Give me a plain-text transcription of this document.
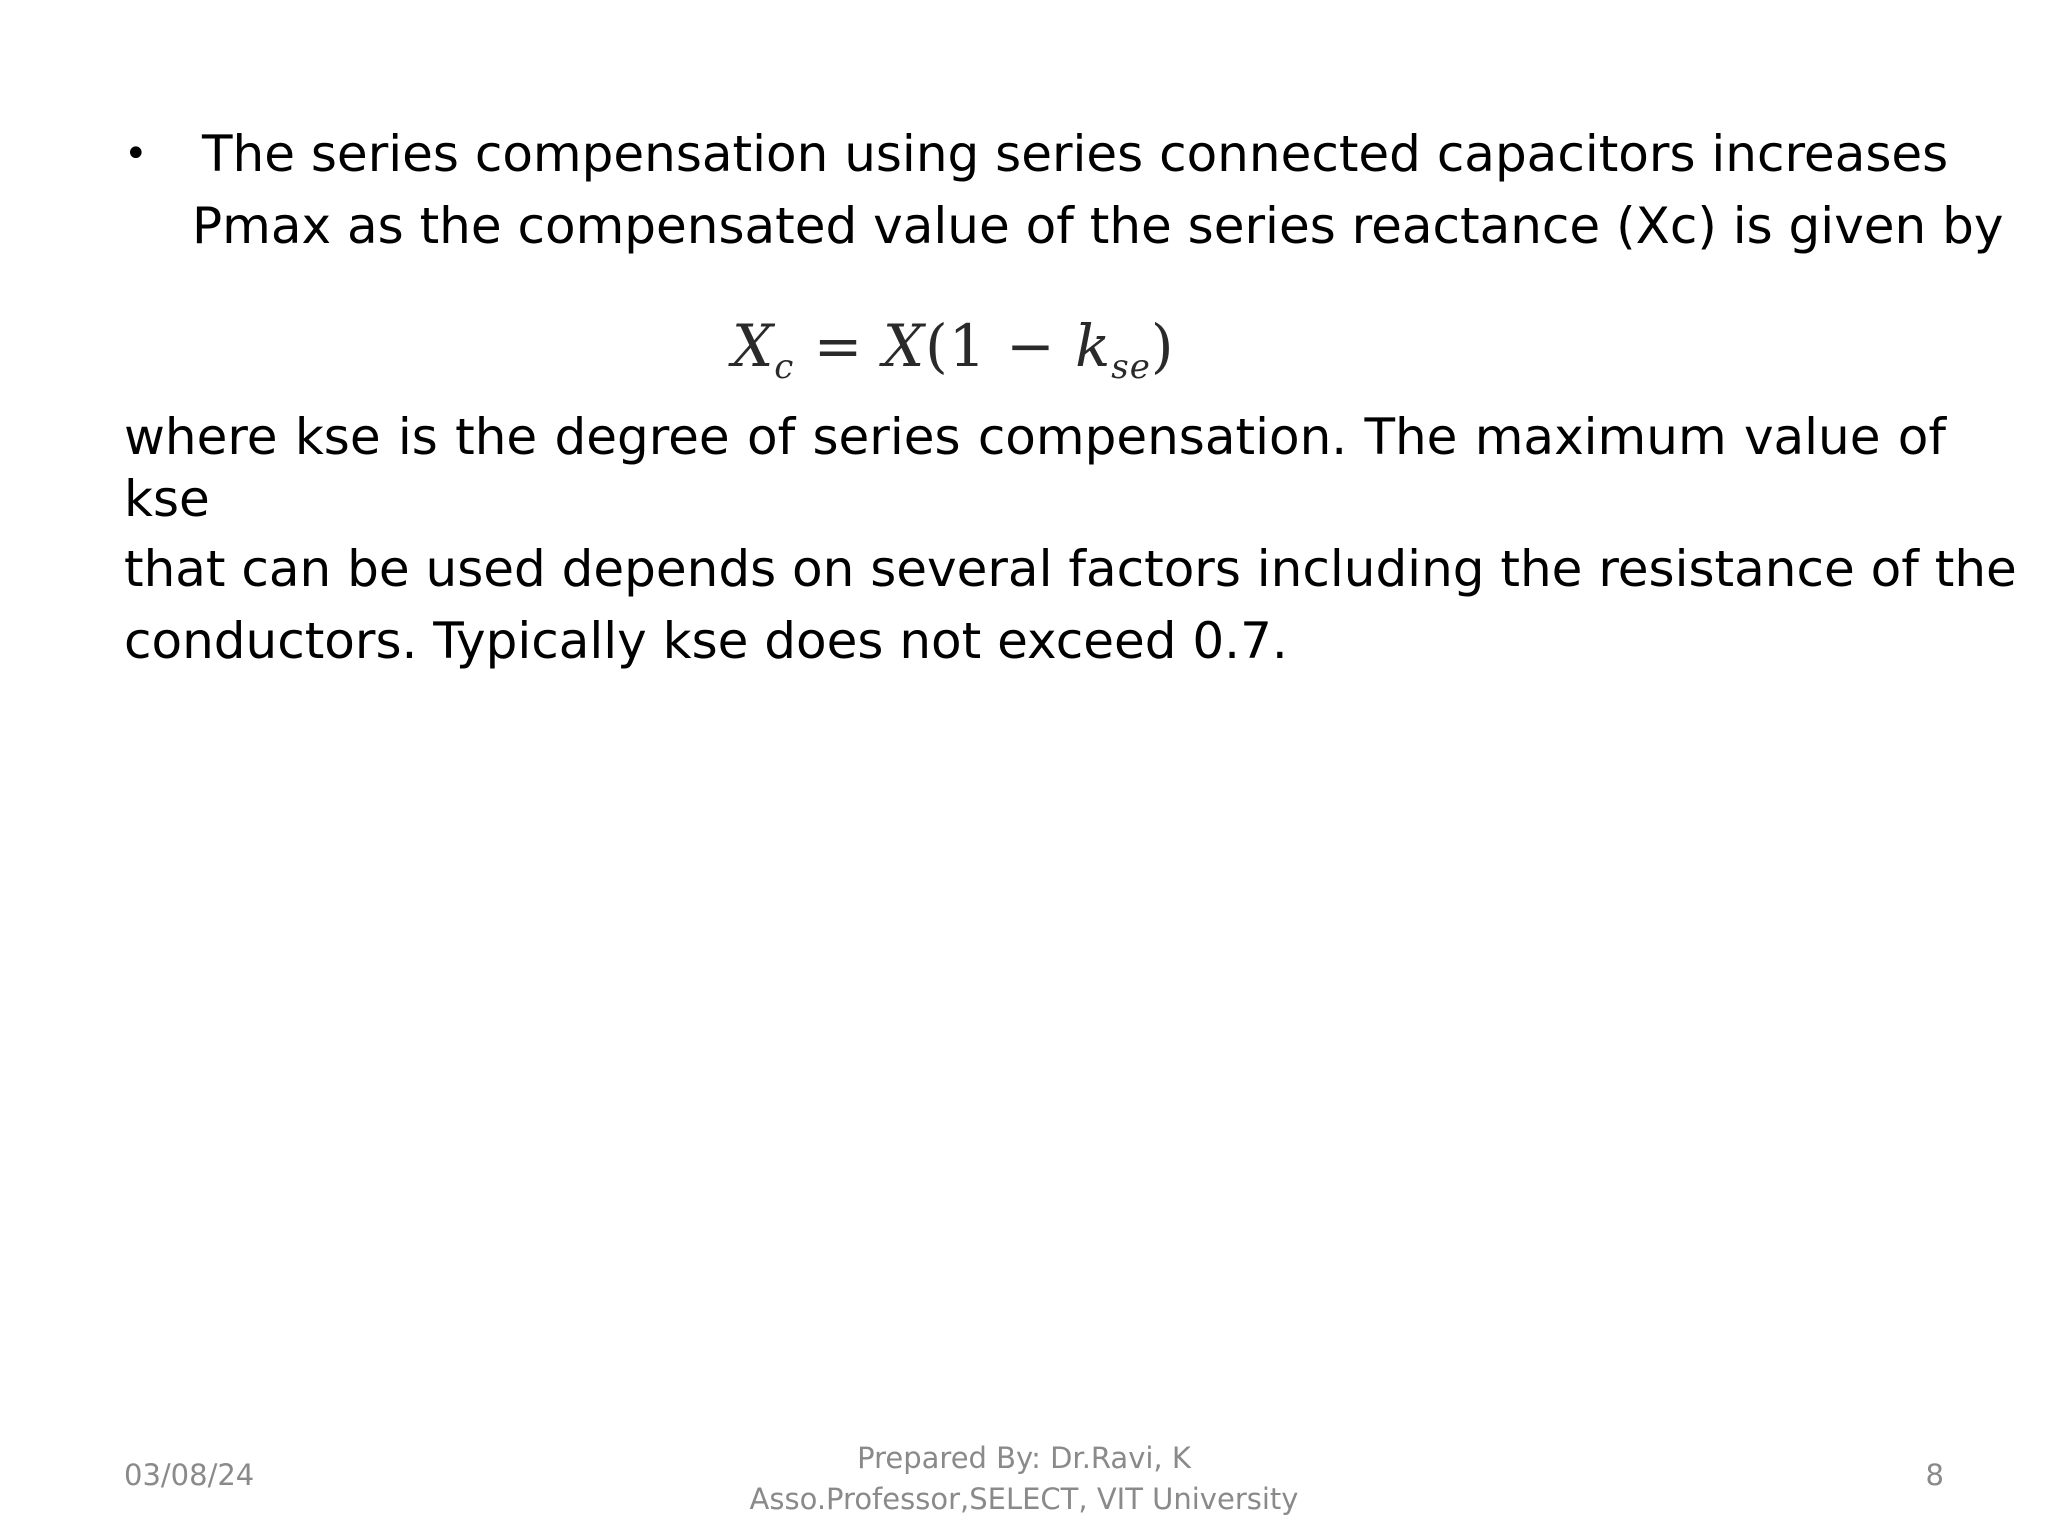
• The series compensation using series connected capacitors increases
Pmax as the compensated value of the series reactance (Xc) is given by
$X_c = X(1 - k_{se})$
where kse is the degree of series compensation. The maximum value of
kse
that can be used depends on several factors including the resistance of the
conductors. Typically kse does not exceed 0.7.
03/08/24	Prepared By: Dr.Ravi, K
Asso.Professor,SELECT, VIT University
8
